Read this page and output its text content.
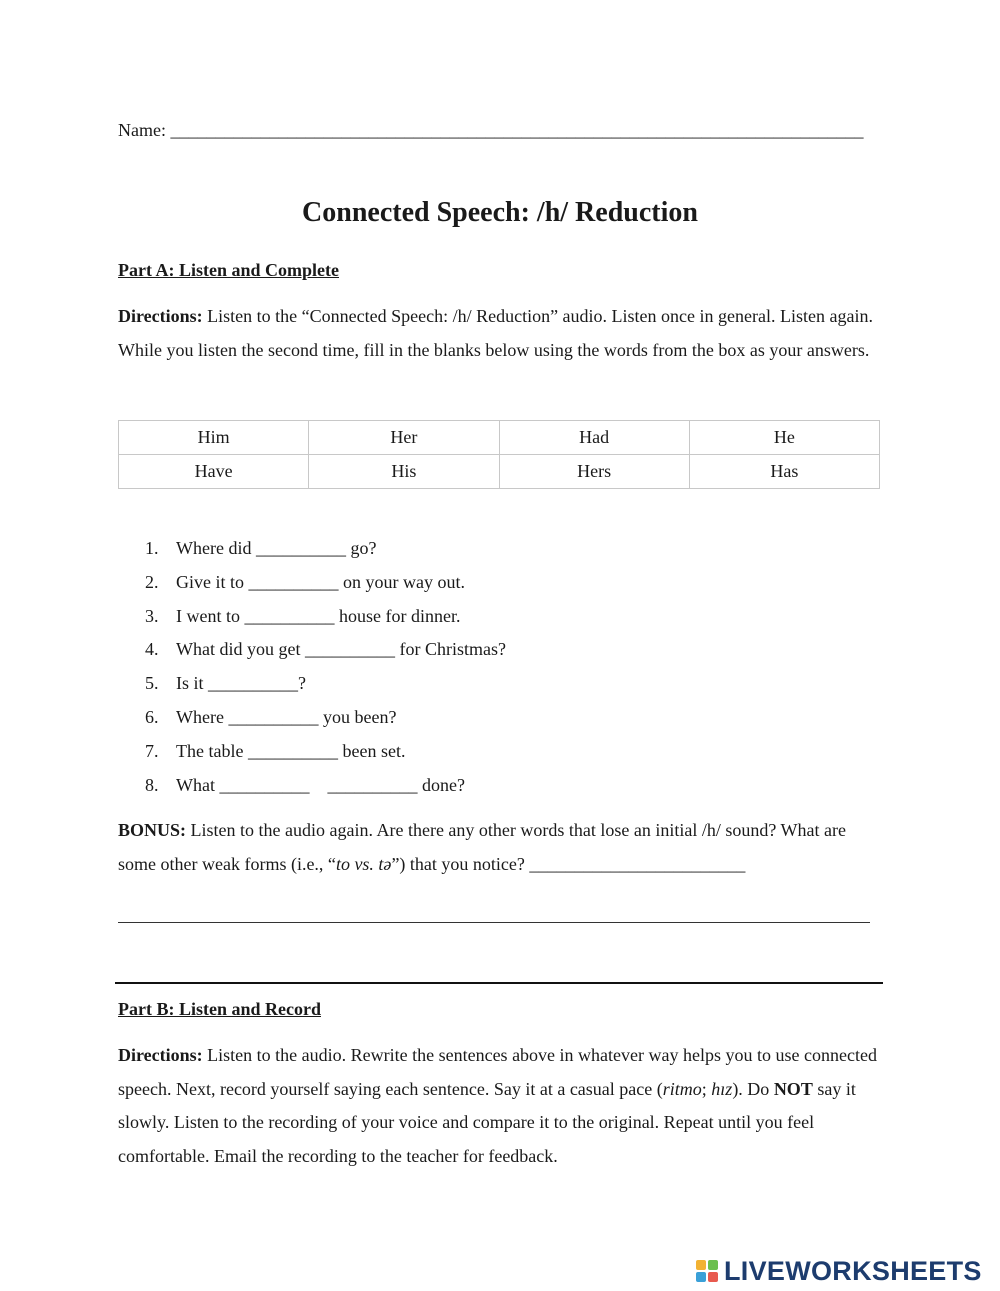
Name: _____________________________________________________________________________
Connected Speech: /h/ Reduction
Part A: Listen and Complete
Directions: Listen to the “Connected Speech: /h/ Reduction” audio. Listen once in general. Listen again. While you listen the second time, fill in the blanks below using the words from the box as your answers.
Him	Her	Had	He
Have	His	Hers	Has
1. Where did __________ go?
2. Give it to __________ on your way out.
3. I went to __________ house for dinner.
4. What did you get __________ for Christmas?
5. Is it __________?
6. Where __________ you been?
7. The table __________ been set.
8. What __________    __________ done?
BONUS: Listen to the audio again. Are there any other words that lose an initial /h/ sound? What are some other weak forms (i.e., “to vs. tə”) that you notice? ________________________
Part B: Listen and Record
Directions: Listen to the audio. Rewrite the sentences above in whatever way helps you to use connected speech. Next, record yourself saying each sentence. Say it at a casual pace (ritmo; hız). Do NOT say it slowly. Listen to the recording of your voice and compare it to the original. Repeat until you feel comfortable. Email the recording to the teacher for feedback.
LIVEWORKSHEETS
